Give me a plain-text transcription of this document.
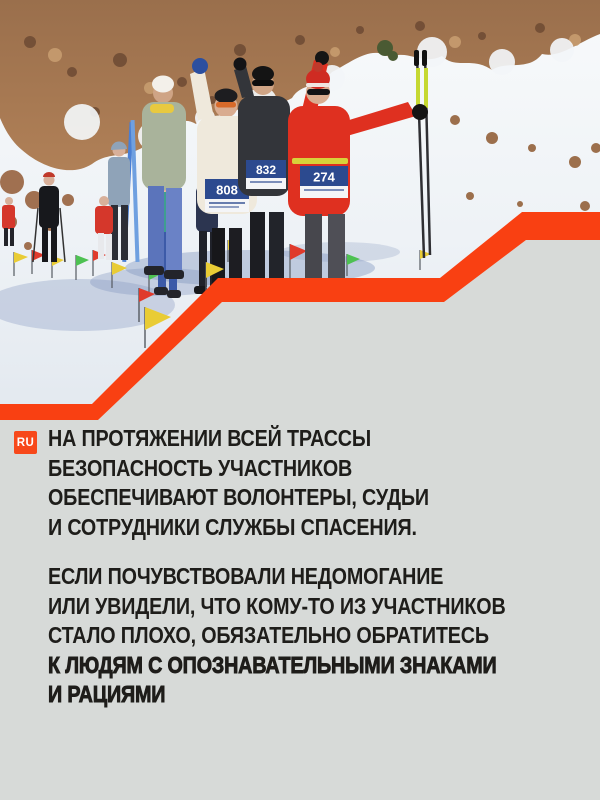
808
832	274
RU НА ПРОТЯЖЕНИИ ВСЕЙ ТРАССЫ
БЕЗОПАСНОСТЬ УЧАСТНИКОВ
ОБЕСПЕЧИВАЮТ ВОЛОНТЕРЫ, СУДЬИ
И СОТРУДНИКИ СЛУЖБЫ СПАСЕНИЯ.
ЕСЛИ ПОЧУВСТВОВАЛИ НЕДОМОГАНИЕ
ИЛИ УВИДЕЛИ, ЧТО КОМУ-ТО ИЗ УЧАСТНИКОВ
СТАЛО ПЛОХО, ОБЯЗАТЕЛЬНО ОБРАТИТЕСЬ
К ЛЮДЯМ С ОПОЗНАВАТЕЛЬНЫМИ ЗНАКАМИ
И РАЦИЯМИ
